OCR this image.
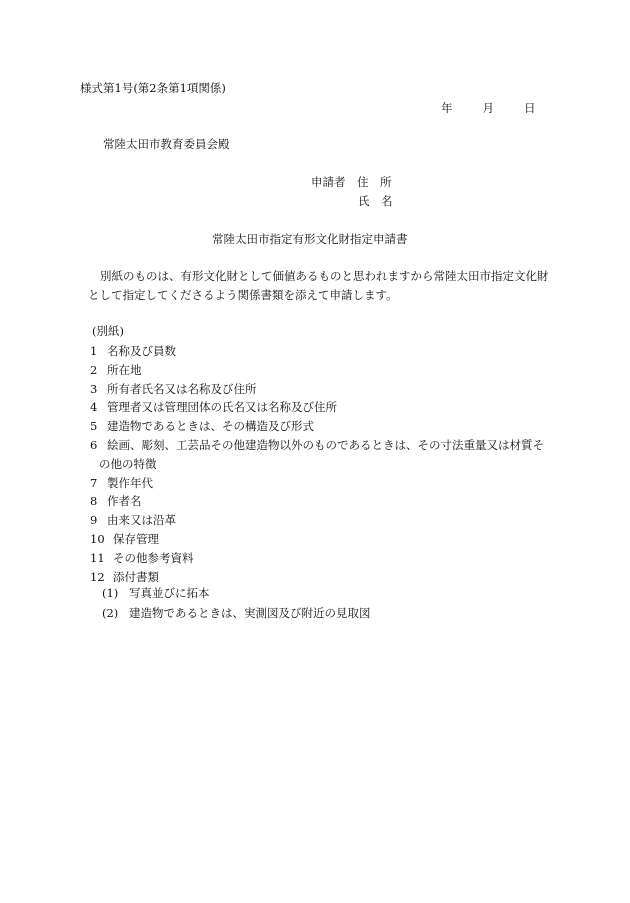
様式第1号(第2条第1項関係)
年	月	日
常陸太田市教育委員会殿
申請者　 住　所
氏　名
常陸太田市指定有形文化財指定申請書

別紙のものは、有形文化財として価値あるものと思われますから常陸太田市指定文化財として指定してくださるよう関係書類を添えて申請します。

(別紙)
1 名称及び員数
2 所在地
3 所有者氏名又は名称及び住所
4 管理者又は管理団体の氏名又は名称及び住所
5 建造物であるときは、その構造及び形式
6 絵画、彫刻、工芸品その他建造物以外のものであるときは、その寸法重量又は材質そ
の他の特徴
7 製作年代
8 作者名
9 由来又は沿革
10 保存管理
11 その他参考資料
12 添付書類
(1) 写真並びに拓本
(2) 建造物であるときは、実測図及び附近の見取図
